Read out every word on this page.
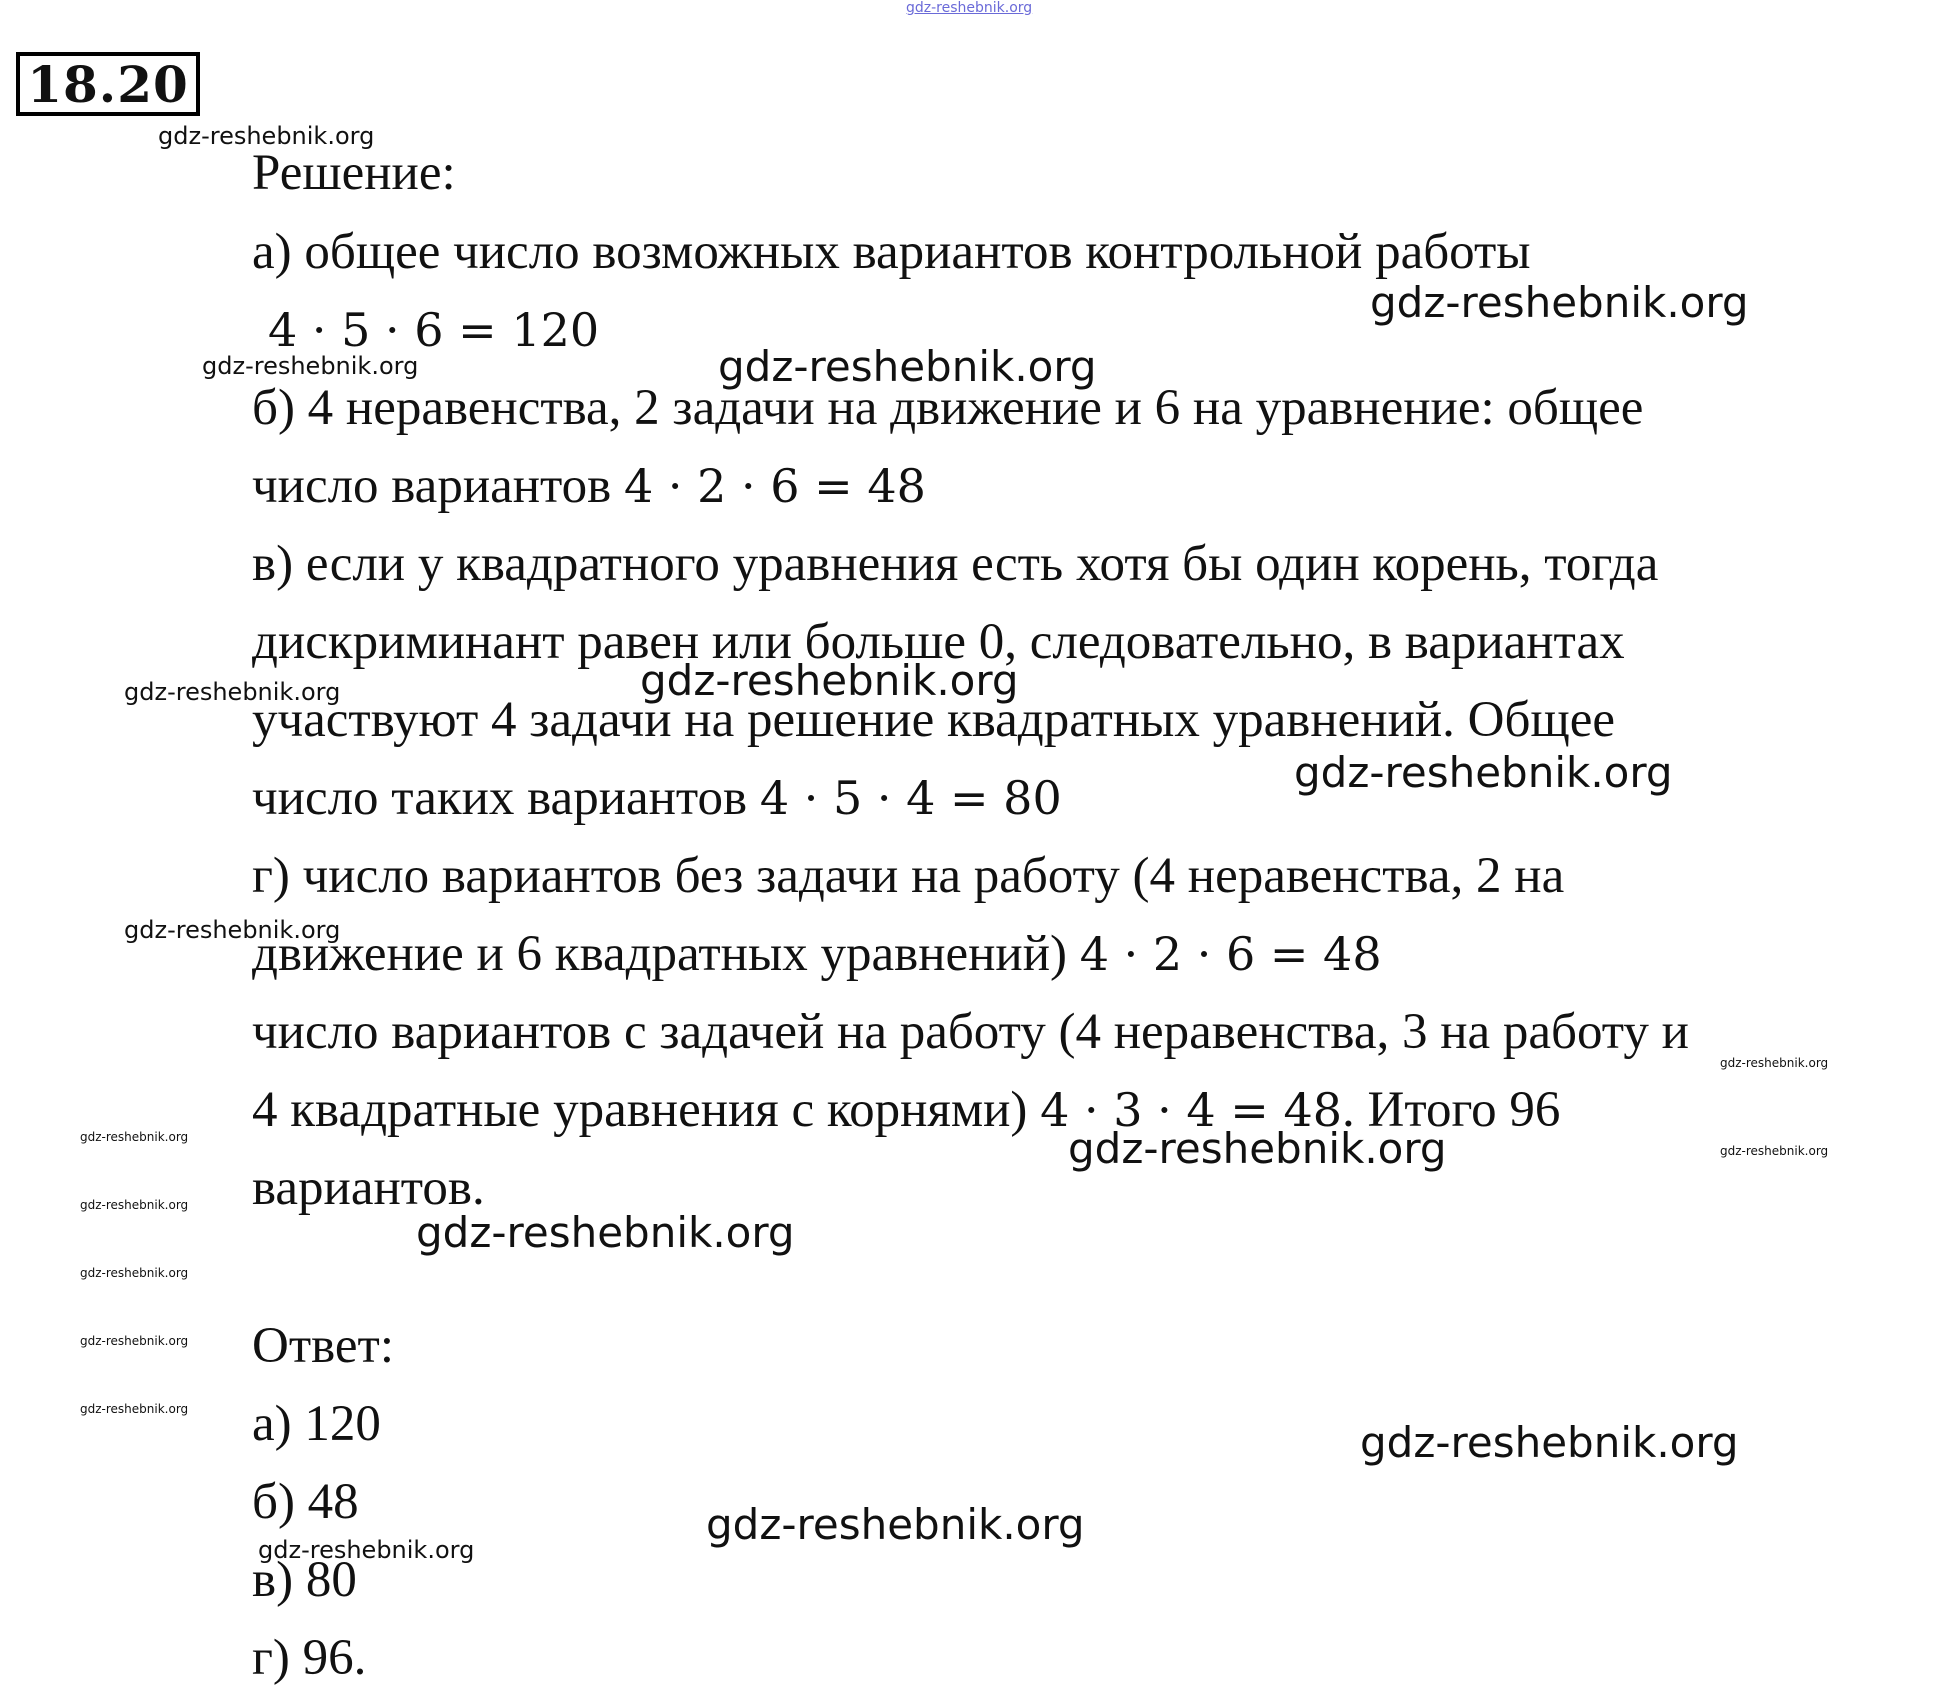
gdz-reshebnik.org
18.20
Решение:
а) общее число возможных вариантов контрольной работы
4 · 5 · 6 = 120
б) 4 неравенства, 2 задачи на движение и 6 на уравнение: общее
число вариантов 4 · 2 · 6 = 48
в) если у квадратного уравнения есть хотя бы один корень, тогда
дискриминант равен или больше 0, следовательно, в вариантах
участвуют 4 задачи на решение квадратных уравнений. Общее
число таких вариантов 4 · 5 · 4 = 80
г) число вариантов без задачи на работу (4 неравенства, 2 на
движение и 6 квадратных уравнений) 4 · 2 · 6 = 48
число вариантов с задачей на работу (4 неравенства, 3 на работу и
4 квадратные уравнения с корнями) 4 · 3 · 4 = 48. Итого 96
вариантов.
Ответ:
а) 120
б) 48
в) 80
г) 96.
gdz-reshebnik.org
gdz-reshebnik.org
gdz-reshebnik.org
gdz-reshebnik.org
gdz-reshebnik.org
gdz-reshebnik.org
gdz-reshebnik.org
gdz-reshebnik.org
gdz-reshebnik.org
gdz-reshebnik.org
gdz-reshebnik.org
gdz-reshebnik.org
gdz-reshebnik.org
gdz-reshebnik.org
gdz-reshebnik.org
gdz-reshebnik.org
gdz-reshebnik.org
gdz-reshebnik.org
gdz-reshebnik.org
gdz-reshebnik.org
